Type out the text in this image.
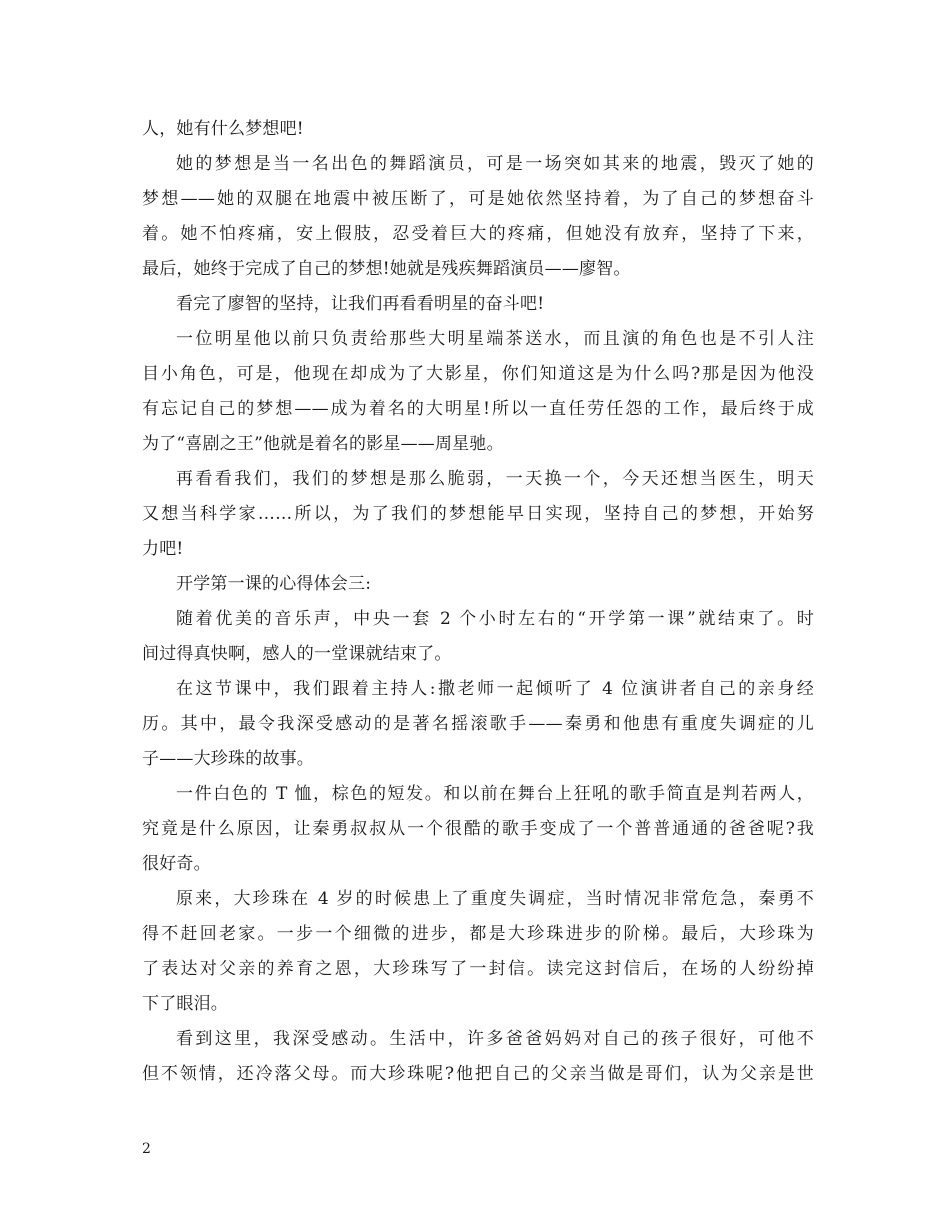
人，她有什么梦想吧!
她的梦想是当一名出色的舞蹈演员，可是一场突如其来的地震，毁灭了她的
梦想——她的双腿在地震中被压断了，可是她依然坚持着，为了自己的梦想奋斗
着。她不怕疼痛，安上假肢，忍受着巨大的疼痛，但她没有放弃，坚持了下来，
最后，她终于完成了自己的梦想!她就是残疾舞蹈演员——廖智。
看完了廖智的坚持，让我们再看看明星的奋斗吧!
一位明星他以前只负责给那些大明星端茶送水，而且演的角色也是不引人注
目小角色，可是，他现在却成为了大影星，你们知道这是为什么吗?那是因为他没
有忘记自己的梦想——成为着名的大明星!所以一直任劳任怨的工作，最后终于成
为了“喜剧之王”他就是着名的影星——周星驰。
再看看我们，我们的梦想是那么脆弱，一天换一个，今天还想当医生，明天
又想当科学家……所以，为了我们的梦想能早日实现，坚持自己的梦想，开始努
力吧!
开学第一课的心得体会三:
随着优美的音乐声，中央一套 2 个小时左右的“开学第一课”就结束了。时
间过得真快啊，感人的一堂课就结束了。
在这节课中，我们跟着主持人:撒老师一起倾听了 4 位演讲者自己的亲身经
历。其中，最令我深受感动的是著名摇滚歌手——秦勇和他患有重度失调症的儿
子——大珍珠的故事。
一件白色的 T 恤，棕色的短发。和以前在舞台上狂吼的歌手简直是判若两人，
究竟是什么原因，让秦勇叔叔从一个很酷的歌手变成了一个普普通通的爸爸呢?我
很好奇。
原来，大珍珠在 4 岁的时候患上了重度失调症，当时情况非常危急，秦勇不
得不赶回老家。一步一个细微的进步，都是大珍珠进步的阶梯。最后，大珍珠为
了表达对父亲的养育之恩，大珍珠写了一封信。读完这封信后，在场的人纷纷掉
下了眼泪。
看到这里，我深受感动。生活中，许多爸爸妈妈对自己的孩子很好，可他不
但不领情，还冷落父母。而大珍珠呢?他把自己的父亲当做是哥们，认为父亲是世
2
